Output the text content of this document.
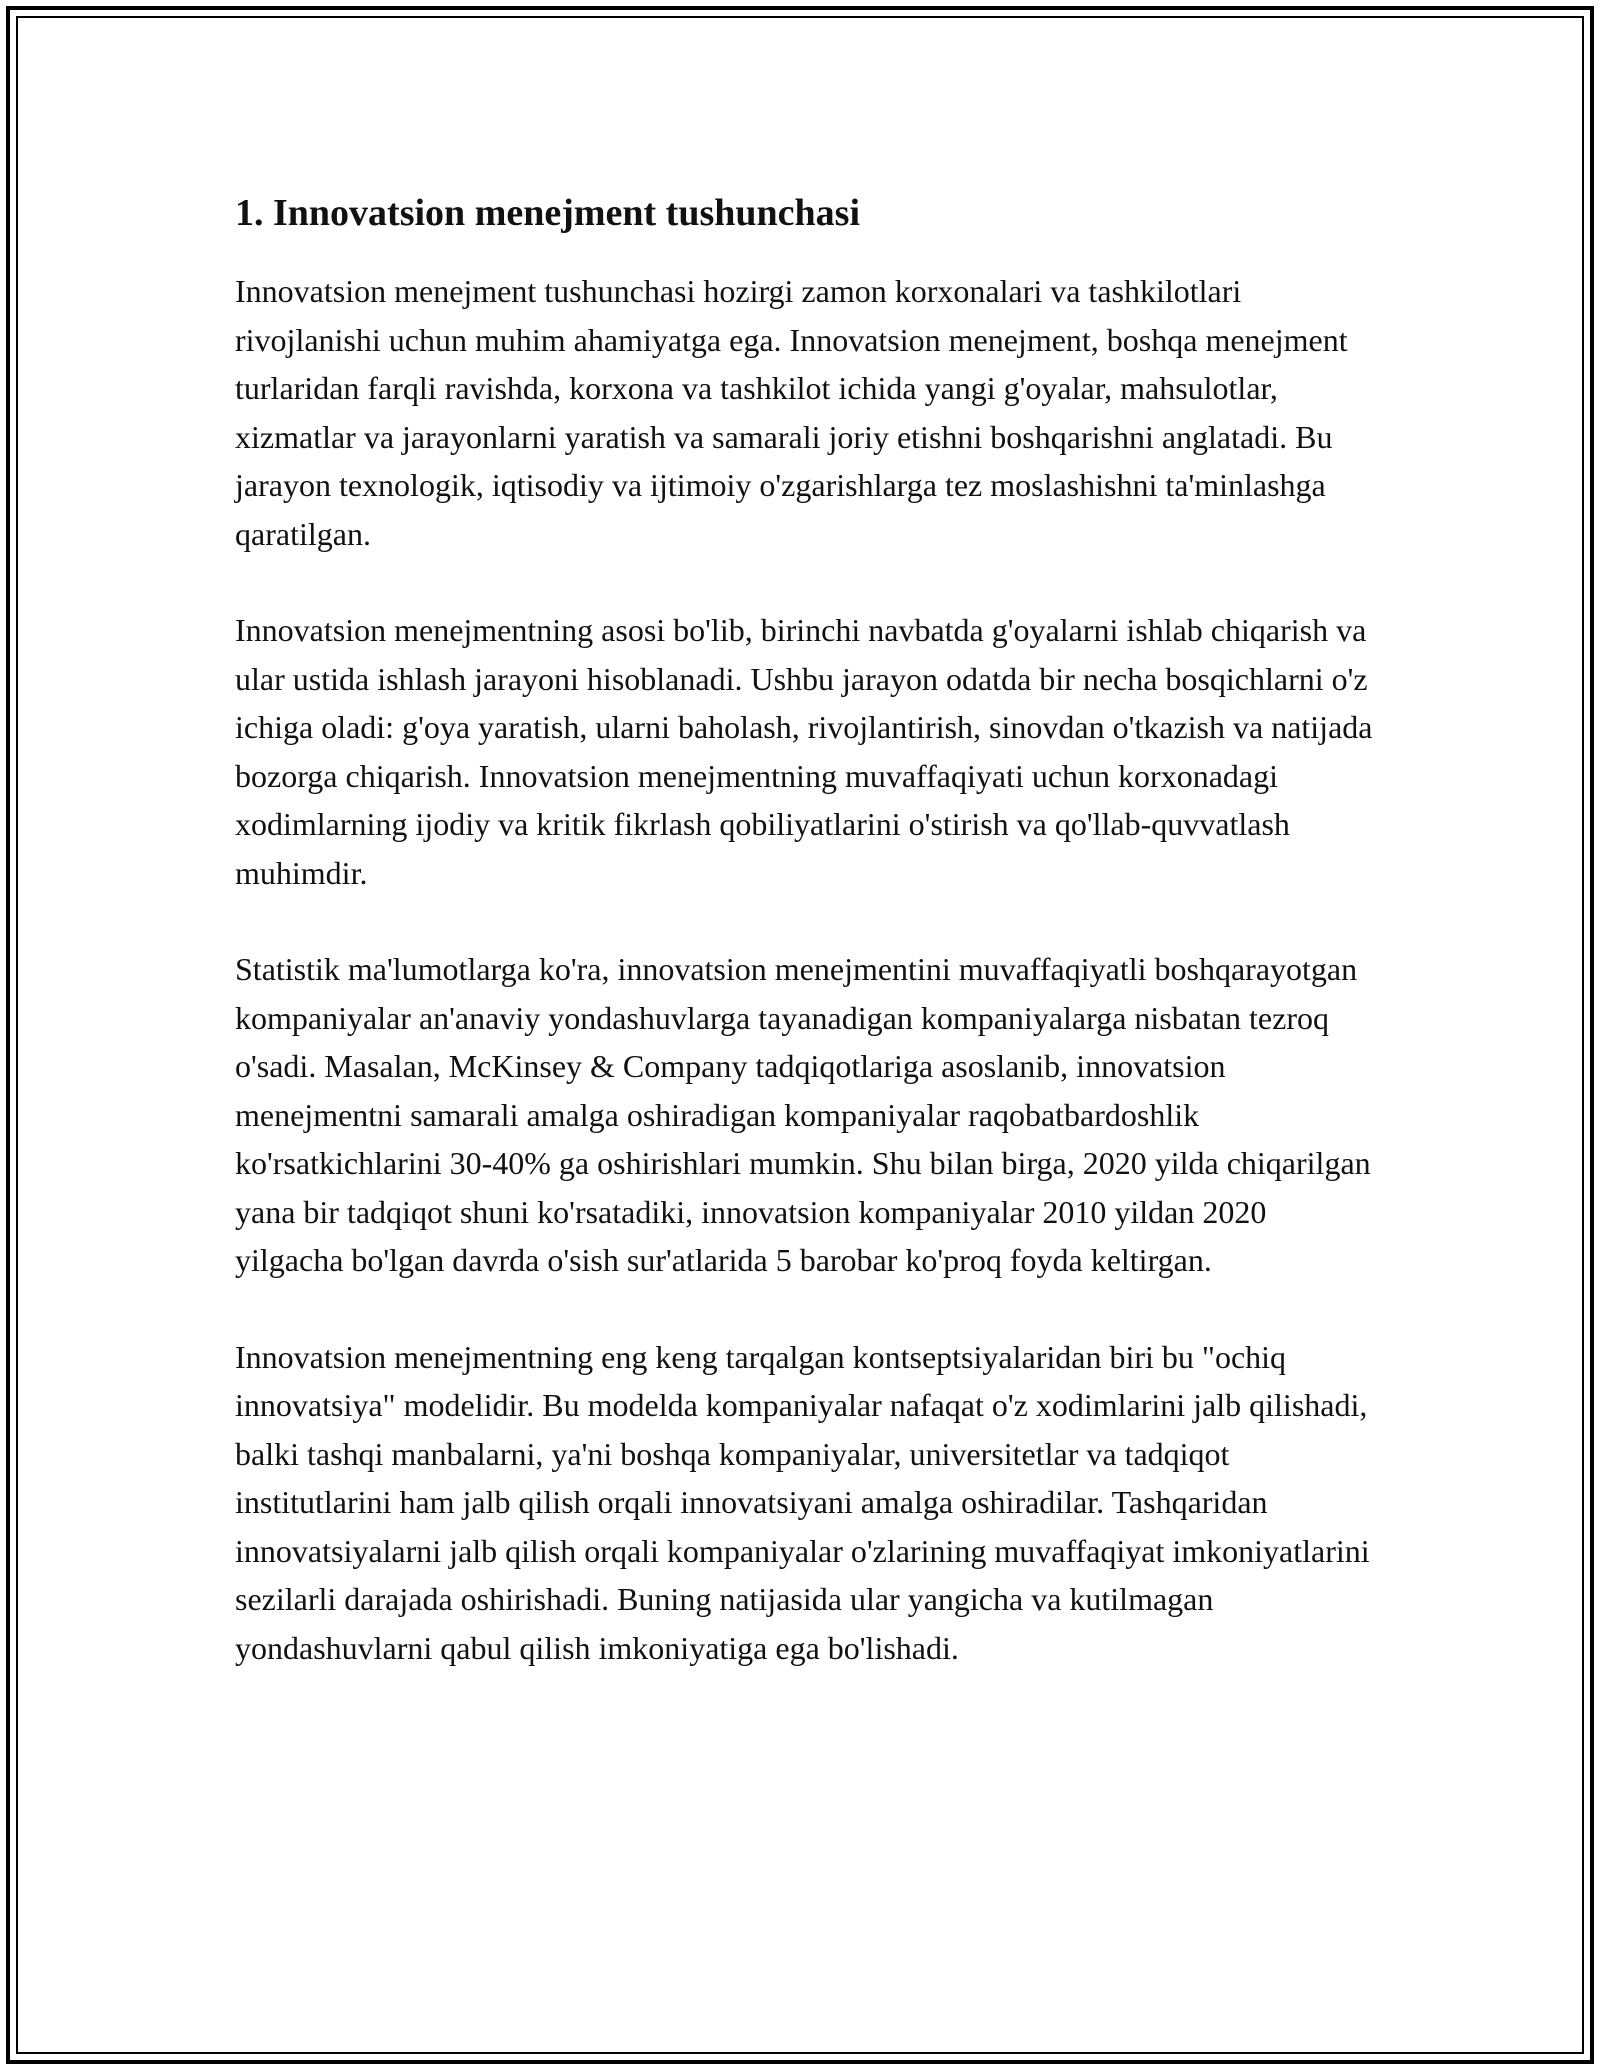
1. Innovatsion menejment tushunchasi

Innovatsion menejment tushunchasi hozirgi zamon korxonalari va tashkilotlari rivojlanishi uchun muhim ahamiyatga ega. Innovatsion menejment, boshqa menejment turlaridan farqli ravishda, korxona va tashkilot ichida yangi g'oyalar, mahsulotlar, xizmatlar va jarayonlarni yaratish va samarali joriy etishni boshqarishni anglatadi. Bu jarayon texnologik, iqtisodiy va ijtimoiy o'zgarishlarga tez moslashishni ta'minlashga qaratilgan.

Innovatsion menejmentning asosi bo'lib, birinchi navbatda g'oyalarni ishlab chiqarish va ular ustida ishlash jarayoni hisoblanadi. Ushbu jarayon odatda bir necha bosqichlarni o'z ichiga oladi: g'oya yaratish, ularni baholash, rivojlantirish, sinovdan o'tkazish va natijada bozorga chiqarish. Innovatsion menejmentning muvaffaqiyati uchun korxonadagi xodimlarning ijodiy va kritik fikrlash qobiliyatlarini o'stirish va qo'llab-quvvatlash muhimdir.

Statistik ma'lumotlarga ko'ra, innovatsion menejmentini muvaffaqiyatli boshqarayotgan kompaniyalar an'anaviy yondashuvlarga tayanadigan kompaniyalarga nisbatan tezroq o'sadi. Masalan, McKinsey & Company tadqiqotlariga asoslanib, innovatsion menejmentni samarali amalga oshiradigan kompaniyalar raqobatbardoshlik ko'rsatkichlarini 30-40% ga oshirishlari mumkin. Shu bilan birga, 2020 yilda chiqarilgan yana bir tadqiqot shuni ko'rsatadiki, innovatsion kompaniyalar 2010 yildan 2020 yilgacha bo'lgan davrda o'sish sur'atlarida 5 barobar ko'proq foyda keltirgan.

Innovatsion menejmentning eng keng tarqalgan kontseptsiyalaridan biri bu "ochiq innovatsiya" modelidir. Bu modelda kompaniyalar nafaqat o'z xodimlarini jalb qilishadi, balki tashqi manbalarni, ya'ni boshqa kompaniyalar, universitetlar va tadqiqot institutlarini ham jalb qilish orqali innovatsiyani amalga oshiradilar. Tashqaridan innovatsiyalarni jalb qilish orqali kompaniyalar o'zlarining muvaffaqiyat imkoniyatlarini sezilarli darajada oshirishadi. Buning natijasida ular yangicha va kutilmagan yondashuvlarni qabul qilish imkoniyatiga ega bo'lishadi.
